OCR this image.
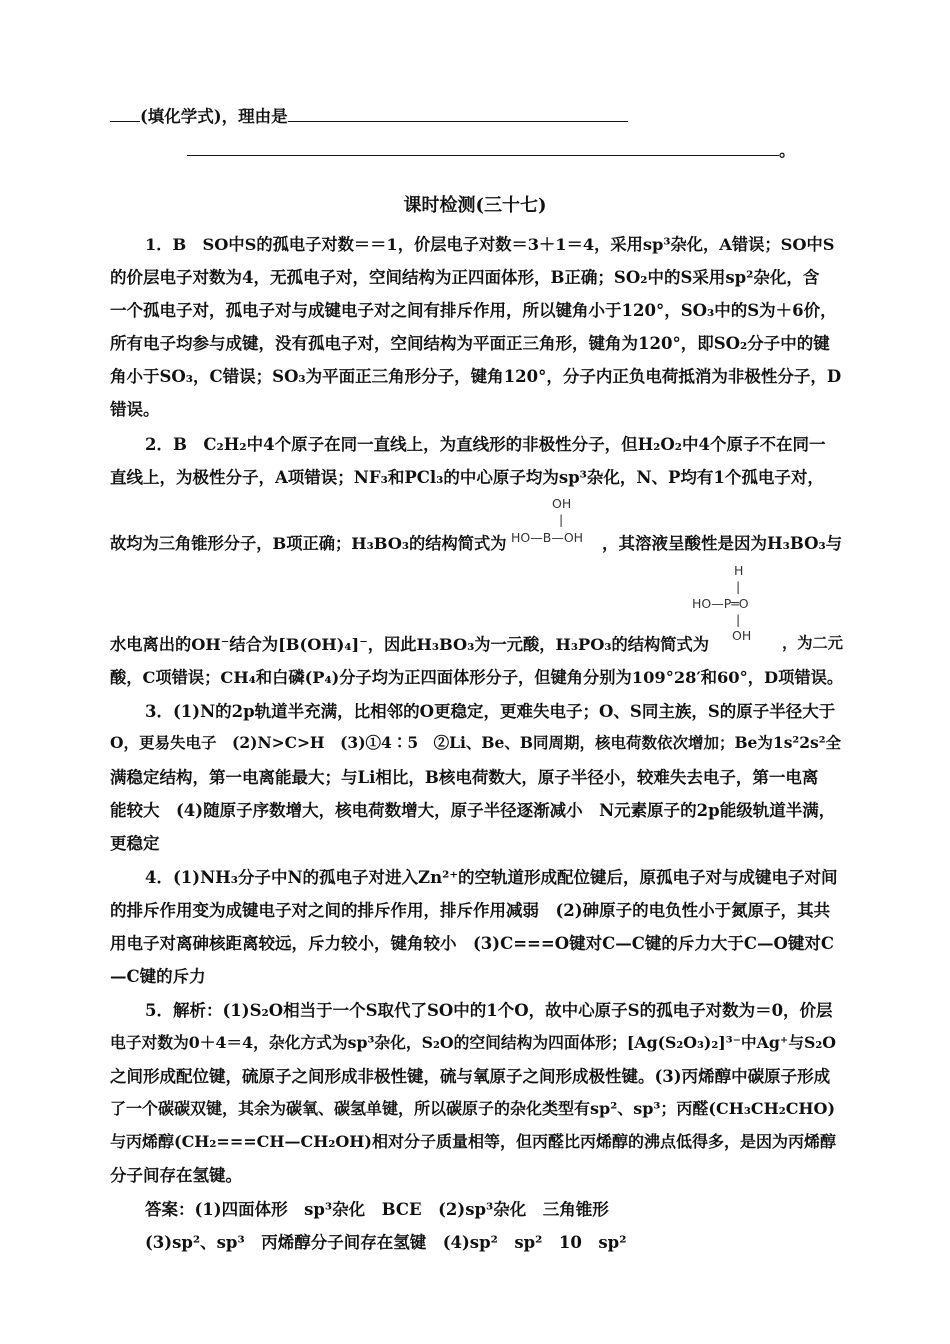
(填化学式)，理由是
。
课时检测(三十七)
1．B　SO中S的孤电子对数＝＝1，价层电子对数＝3＋1＝4，采用sp³杂化，A错误；SO中S
的价层电子对数为4，无孤电子对，空间结构为正四面体形，B正确；SO₂中的S采用sp²杂化，含
一个孤电子对，孤电子对与成键电子对之间有排斥作用，所以键角小于120°，SO₃中的S为＋6价，
所有电子均参与成键，没有孤电子对，空间结构为平面正三角形，键角为120°，即SO₂分子中的键
角小于SO₃，C错误；SO₃为平面正三角形分子，键角120°，分子内正负电荷抵消为非极性分子，D
错误。
2．B　C₂H₂中4个原子在同一直线上，为直线形的非极性分子，但H₂O₂中4个原子不在同一
直线上，为极性分子，A项错误；NF₃和PCl₃的中心原子均为sp³杂化，N、P均有1个孤电子对，
故均为三角锥形分子，B项正确；H₃BO₃的结构简式为
OH
|
HO—B—OH ，其溶液呈酸性是因为H₃BO₃与
H
|
HO—P═O
|
OH
水电离出的OH⁻结合为[B(OH)₄]⁻，因此H₃BO₃为一元酸，H₃PO₃的结构简式为	，为二元
酸，C项错误；CH₄和白磷(P₄)分子均为正四面体形分子，但键角分别为109°28′和60°，D项错误。
3．(1)N的2p轨道半充满，比相邻的O更稳定，更难失电子；O、S同主族，S的原子半径大于
O，更易失电子　(2)N>C>H　(3)①4∶5　②Li、Be、B同周期，核电荷数依次增加；Be为1s²2s²全
满稳定结构，第一电离能最大；与Li相比，B核电荷数大，原子半径小，较难失去电子，第一电离
能较大　(4)随原子序数增大，核电荷数增大，原子半径逐渐减小　N元素原子的2p能级轨道半满，
更稳定
4．(1)NH₃分子中N的孤电子对进入Zn²⁺的空轨道形成配位键后，原孤电子对与成键电子对间
的排斥作用变为成键电子对之间的排斥作用，排斥作用减弱　(2)砷原子的电负性小于氮原子，其共
用电子对离砷核距离较远，斥力较小，键角较小　(3)C===O键对C—C键的斥力大于C—O键对C
—C键的斥力
5．解析：(1)S₂O相当于一个S取代了SO中的1个O，故中心原子S的孤电子对数为＝0，价层
电子对数为0＋4＝4，杂化方式为sp³杂化，S₂O的空间结构为四面体形；[Ag(S₂O₃)₂]³⁻中Ag⁺与S₂O
之间形成配位键，硫原子之间形成非极性键，硫与氧原子之间形成极性键。(3)丙烯醇中碳原子形成
了一个碳碳双键，其余为碳氧、碳氢单键，所以碳原子的杂化类型有sp²、sp³；丙醛(CH₃CH₂CHO)
与丙烯醇(CH₂===CH—CH₂OH)相对分子质量相等，但丙醛比丙烯醇的沸点低得多，是因为丙烯醇
分子间存在氢键。
答案：(1)四面体形　sp³杂化　BCE　(2)sp³杂化　三角锥形
(3)sp²、sp³　丙烯醇分子间存在氢键　(4)sp²　sp²　10　sp²
